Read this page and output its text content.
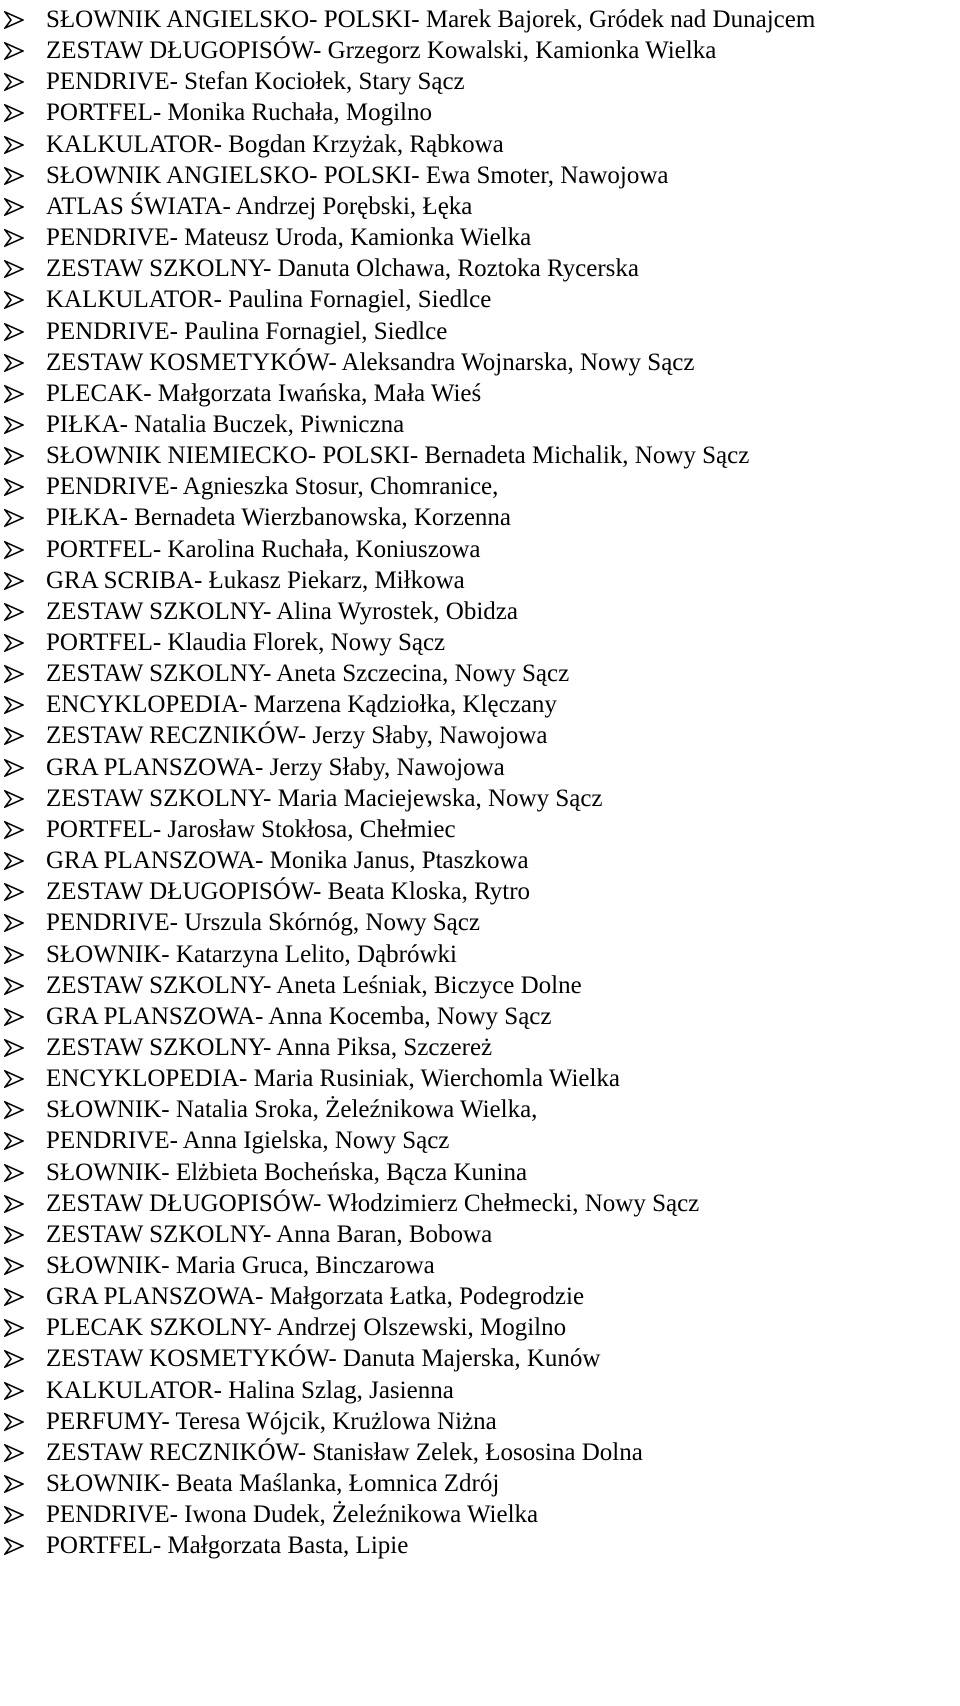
SŁOWNIK ANGIELSKO- POLSKI- Marek Bajorek, Gródek nad Dunajcem
ZESTAW DŁUGOPISÓW- Grzegorz Kowalski, Kamionka Wielka
PENDRIVE- Stefan Kociołek, Stary Sącz
PORTFEL- Monika Ruchała, Mogilno
KALKULATOR- Bogdan Krzyżak, Rąbkowa
SŁOWNIK ANGIELSKO- POLSKI- Ewa Smoter, Nawojowa
ATLAS ŚWIATA- Andrzej Porębski, Łęka
PENDRIVE- Mateusz Uroda, Kamionka Wielka
ZESTAW SZKOLNY- Danuta Olchawa, Roztoka Rycerska
KALKULATOR- Paulina Fornagiel, Siedlce
PENDRIVE- Paulina Fornagiel, Siedlce
ZESTAW KOSMETYKÓW- Aleksandra Wojnarska, Nowy Sącz
PLECAK- Małgorzata Iwańska, Mała Wieś
PIŁKA- Natalia Buczek, Piwniczna
SŁOWNIK NIEMIECKO- POLSKI- Bernadeta Michalik, Nowy Sącz
PENDRIVE- Agnieszka Stosur, Chomranice,
PIŁKA- Bernadeta Wierzbanowska, Korzenna
PORTFEL- Karolina Ruchała, Koniuszowa
GRA SCRIBA- Łukasz Piekarz, Miłkowa
ZESTAW SZKOLNY- Alina Wyrostek, Obidza
PORTFEL- Klaudia Florek, Nowy Sącz
ZESTAW SZKOLNY- Aneta Szczecina, Nowy Sącz
ENCYKLOPEDIA- Marzena Kądziołka, Klęczany
ZESTAW RECZNIKÓW- Jerzy Słaby, Nawojowa
GRA PLANSZOWA- Jerzy Słaby, Nawojowa
ZESTAW SZKOLNY- Maria Maciejewska, Nowy Sącz
PORTFEL- Jarosław Stokłosa, Chełmiec
GRA PLANSZOWA- Monika Janus, Ptaszkowa
ZESTAW DŁUGOPISÓW- Beata Kloska, Rytro
PENDRIVE- Urszula Skórnóg, Nowy Sącz
SŁOWNIK- Katarzyna Lelito, Dąbrówki
ZESTAW SZKOLNY- Aneta Leśniak, Biczyce Dolne
GRA PLANSZOWA- Anna Kocemba, Nowy Sącz
ZESTAW SZKOLNY- Anna Piksa, Szczereż
ENCYKLOPEDIA- Maria Rusiniak, Wierchomla Wielka
SŁOWNIK- Natalia Sroka, Żeleźnikowa Wielka,
PENDRIVE- Anna Igielska, Nowy Sącz
SŁOWNIK- Elżbieta Bocheńska, Bącza Kunina
ZESTAW DŁUGOPISÓW- Włodzimierz Chełmecki, Nowy Sącz
ZESTAW SZKOLNY- Anna Baran, Bobowa
SŁOWNIK- Maria Gruca, Binczarowa
GRA PLANSZOWA- Małgorzata Łatka, Podegrodzie
PLECAK SZKOLNY- Andrzej Olszewski, Mogilno
ZESTAW KOSMETYKÓW- Danuta Majerska, Kunów
KALKULATOR- Halina Szlag, Jasienna
PERFUMY- Teresa Wójcik, Krużlowa Niżna
ZESTAW RECZNIKÓW- Stanisław Zelek, Łososina Dolna
SŁOWNIK- Beata Maślanka, Łomnica Zdrój
PENDRIVE- Iwona Dudek, Żeleźnikowa Wielka
PORTFEL- Małgorzata Basta, Lipie
